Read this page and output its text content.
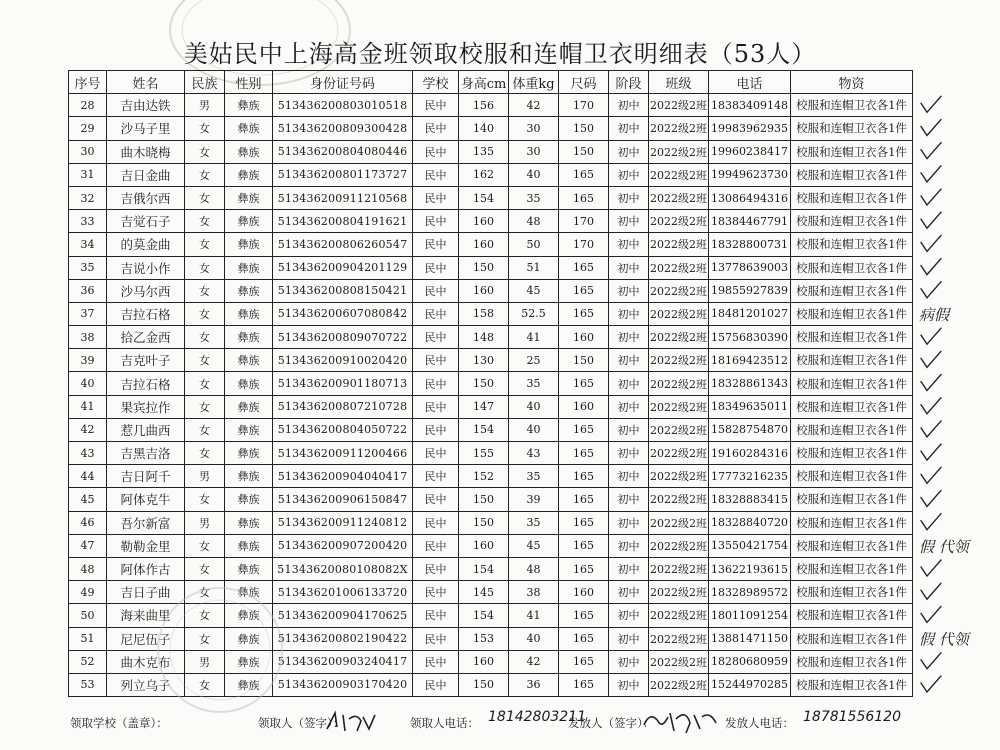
美姑民中上海高金班领取校服和连帽卫衣明细表（53人）
序号	姓名	民族	性别	身份证号码	学校	身高cm	体重kg	尺码	阶段	班级	电话	物资
28	吉由达铁	男	彝族	513436200803010518	民中	156	42	170	初中	2022级2班	18383409148	校服和连帽卫衣各1件
29	沙马子里	女	彝族	513436200809300428	民中	140	30	150	初中	2022级2班	19983962935	校服和连帽卫衣各1件
30	曲木晓梅	女	彝族	513436200804080446	民中	135	30	150	初中	2022级2班	19960238417	校服和连帽卫衣各1件
31	吉日金曲	女	彝族	513436200801173727	民中	162	40	165	初中	2022级2班	19949623730	校服和连帽卫衣各1件
32	吉俄尔西	女	彝族	513436200911210568	民中	154	35	165	初中	2022级2班	13086494316	校服和连帽卫衣各1件
33	吉觉石子	女	彝族	513436200804191621	民中	160	48	170	初中	2022级2班	18384467791	校服和连帽卫衣各1件
34	的莫金曲	女	彝族	513436200806260547	民中	160	50	170	初中	2022级2班	18328800731	校服和连帽卫衣各1件
35	吉说小作	女	彝族	513436200904201129	民中	150	51	165	初中	2022级2班	13778639003	校服和连帽卫衣各1件
36	沙马尔西	女	彝族	513436200808150421	民中	160	45	165	初中	2022级2班	19855927839	校服和连帽卫衣各1件
37	吉拉石格	女	彝族	513436200607080842	民中	158	52.5	165	初中	2022级2班	18481201027	校服和连帽卫衣各1件
38	拾乙金西	女	彝族	513436200809070722	民中	148	41	160	初中	2022级2班	15756830390	校服和连帽卫衣各1件
39	吉克叶子	女	彝族	513436200910020420	民中	130	25	150	初中	2022级2班	18169423512	校服和连帽卫衣各1件
40	吉拉石格	女	彝族	513436200901180713	民中	150	35	165	初中	2022级2班	18328861343	校服和连帽卫衣各1件
41	果宾拉作	女	彝族	513436200807210728	民中	147	40	160	初中	2022级2班	18349635011	校服和连帽卫衣各1件
42	惹几曲西	女	彝族	513436200804050722	民中	154	40	165	初中	2022级2班	15828754870	校服和连帽卫衣各1件
43	吉黑吉洛	女	彝族	513436200911200466	民中	155	43	165	初中	2022级2班	19160284316	校服和连帽卫衣各1件
44	吉日阿千	男	彝族	513436200904040417	民中	152	35	165	初中	2022级2班	17773216235	校服和连帽卫衣各1件
45	阿体克牛	女	彝族	513436200906150847	民中	150	39	165	初中	2022级2班	18328883415	校服和连帽卫衣各1件
46	吾尔新富	男	彝族	513436200911240812	民中	150	35	165	初中	2022级2班	18328840720	校服和连帽卫衣各1件
47	勒勒金里	女	彝族	513436200907200420	民中	160	45	165	初中	2022级2班	13550421754	校服和连帽卫衣各1件
48	阿体作古	女	彝族	51343620080108082X	民中	154	48	165	初中	2022级2班	13622193615	校服和连帽卫衣各1件
49	吉日子曲	女	彝族	513436201006133720	民中	145	38	160	初中	2022级2班	18328989572	校服和连帽卫衣各1件
50	海来曲里	女	彝族	513436200904170625	民中	154	41	165	初中	2022级2班	18011091254	校服和连帽卫衣各1件
51	尼尼伍子	女	彝族	513436200802190422	民中	153	40	165	初中	2022级2班	13881471150	校服和连帽卫衣各1件
52	曲木克布	男	彝族	513436200903240417	民中	160	42	165	初中	2022级2班	18280680959	校服和连帽卫衣各1件
53	列立乌子	女	彝族	513436200903170420	民中	150	36	165	初中	2022级2班	15244970285	校服和连帽卫衣各1件
病假
假 代领
假 代领
领取学校（盖章）：	领取人（签字）：	领取人电话： 18142803211
发放人（签字）：	发放人电话： 18781556120
